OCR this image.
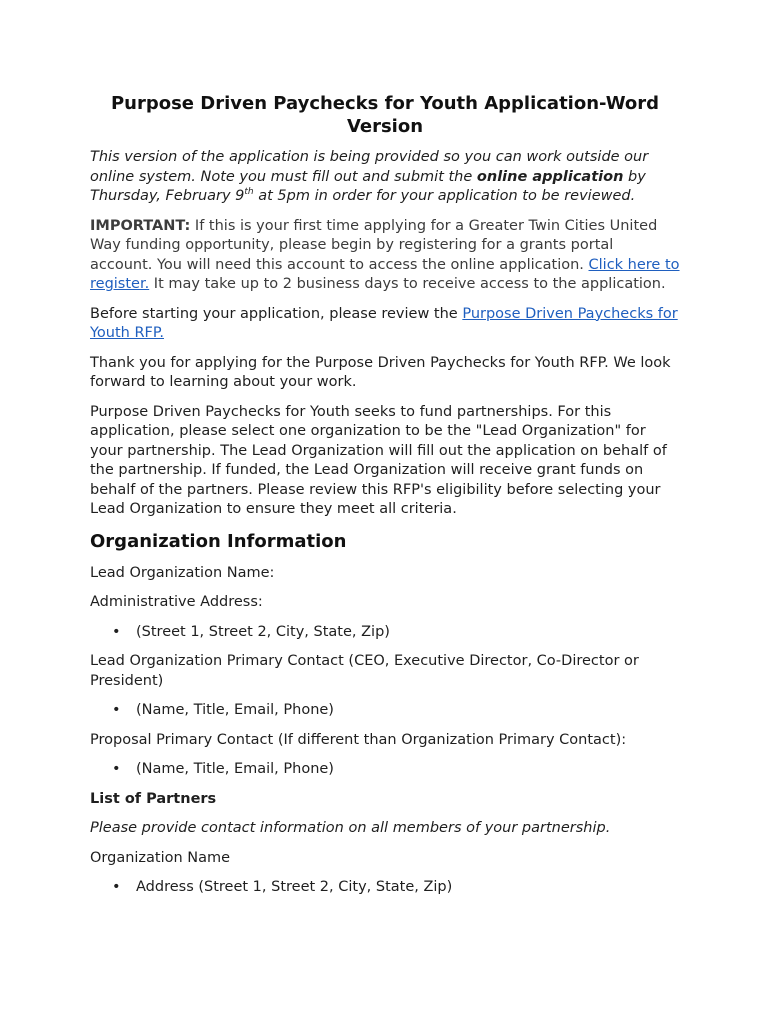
Purpose Driven Paychecks for Youth Application-Word Version

This version of the application is being provided so you can work outside our online system. Note you must fill out and submit the online application by Thursday, February 9th at 5pm in order for your application to be reviewed.

IMPORTANT: If this is your first time applying for a Greater Twin Cities United Way funding opportunity, please begin by registering for a grants portal account. You will need this account to access the online application. Click here to register. It may take up to 2 business days to receive access to the application.

Before starting your application, please review the Purpose Driven Paychecks for Youth RFP.

Thank you for applying for the Purpose Driven Paychecks for Youth RFP. We look forward to learning about your work.

Purpose Driven Paychecks for Youth seeks to fund partnerships. For this application, please select one organization to be the "Lead Organization" for your partnership. The Lead Organization will fill out the application on behalf of the partnership. If funded, the Lead Organization will receive grant funds on behalf of the partners. Please review this RFP's eligibility before selecting your Lead Organization to ensure they meet all criteria.

Organization Information

Lead Organization Name:

Administrative Address:

• (Street 1, Street 2, City, State, Zip)

Lead Organization Primary Contact (CEO, Executive Director, Co-Director or President)

• (Name, Title, Email, Phone)

Proposal Primary Contact (If different than Organization Primary Contact):

• (Name, Title, Email, Phone)

List of Partners

Please provide contact information on all members of your partnership.

Organization Name

• Address (Street 1, Street 2, City, State, Zip)
